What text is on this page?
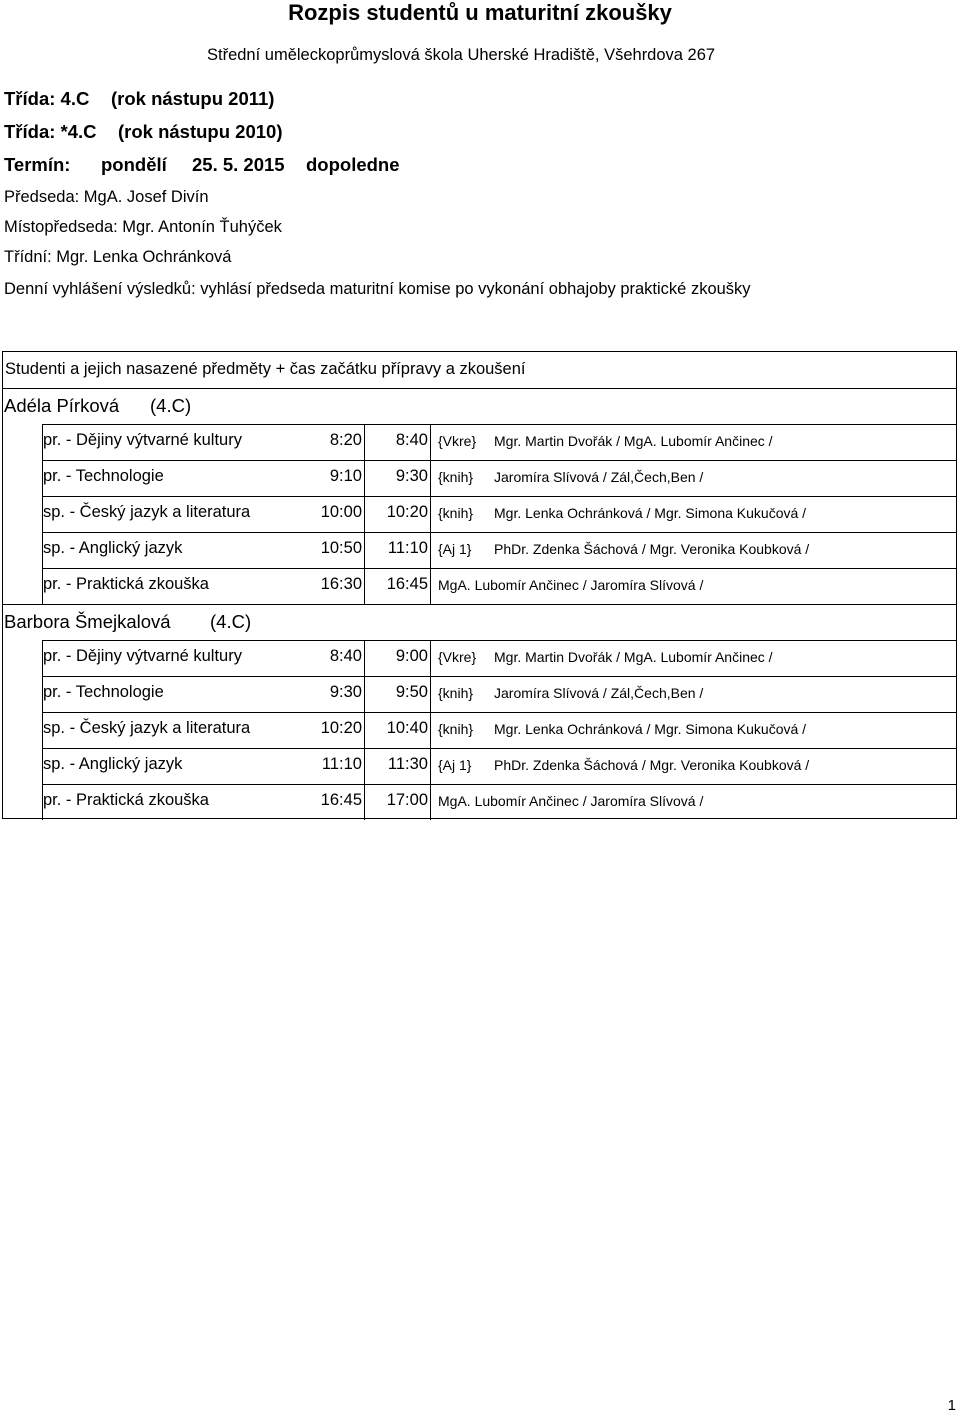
Rozpis studentů u maturitní zkoušky
Střední uměleckoprůmyslová škola Uherské Hradiště, Všehrdova 267
Třída: 4.C (rok nástupu 2011)
Třída: *4.C (rok nástupu 2010)
Termín: pondělí 25. 5. 2015 dopoledne
Předseda: MgA. Josef Divín
Místopředseda: Mgr. Antonín Ťuhýček
Třídní: Mgr. Lenka Ochránková
Denní vyhlášení výsledků: vyhlásí předseda maturitní komise po vykonání obhajoby praktické zkoušky
Studenti a jejich nasazené předměty + čas začátku přípravy a zkoušení
Adéla Pírková (4.C)
pr. - Dějiny výtvarné kultury	8:20	8:40 {Vkre} Mgr. Martin Dvořák / MgA. Lubomír Ančinec /
pr. - Technologie	9:10	9:30 {knih} Jaromíra Slívová / Zál,Čech,Ben /
sp. - Český jazyk a literatura	10:00 10:20 {knih} Mgr. Lenka Ochránková / Mgr. Simona Kukučová /
sp. - Anglický jazyk	10:50 11:10 {Aj 1} PhDr. Zdenka Šáchová / Mgr. Veronika Koubková /
pr. - Praktická zkouška	16:30 16:45 MgA. Lubomír Ančinec / Jaromíra Slívová /
Barbora Šmejkalová (4.C)
pr. - Dějiny výtvarné kultury	8:40	9:00 {Vkre} Mgr. Martin Dvořák / MgA. Lubomír Ančinec /
pr. - Technologie	9:30	9:50 {knih} Jaromíra Slívová / Zál,Čech,Ben /
sp. - Český jazyk a literatura	10:20 10:40 {knih} Mgr. Lenka Ochránková / Mgr. Simona Kukučová /
sp. - Anglický jazyk	11:10 11:30 {Aj 1} PhDr. Zdenka Šáchová / Mgr. Veronika Koubková /
pr. - Praktická zkouška	16:45 17:00 MgA. Lubomír Ančinec / Jaromíra Slívová /
1
